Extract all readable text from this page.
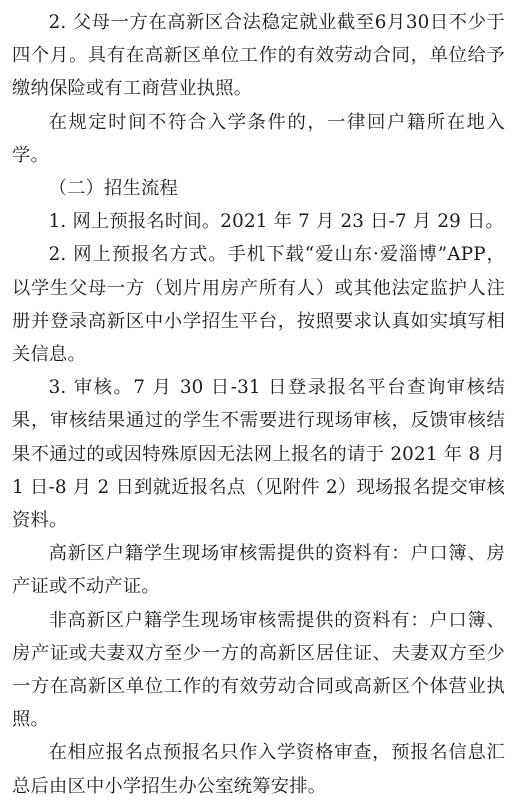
2. 父母一方在高新区合法稳定就业截至6月30日不少于四个月。具有在高新区单位工作的有效劳动合同，单位给予缴纳保险或有工商营业执照。

在规定时间不符合入学条件的，一律回户籍所在地入学。

（二）招生流程

1. 网上预报名时间。2021 年 7 月 23 日-7 月 29 日。

2. 网上预报名方式。手机下载“爱山东·爱淄博”APP，以学生父母一方（划片用房产所有人）或其他法定监护人注册并登录高新区中小学招生平台，按照要求认真如实填写相关信息。

3. 审核。7 月 30 日-31 日登录报名平台查询审核结果，审核结果通过的学生不需要进行现场审核，反馈审核结果不通过的或因特殊原因无法网上报名的请于 2021 年 8 月 1 日-8 月 2 日到就近报名点（见附件 2）现场报名提交审核资料。

高新区户籍学生现场审核需提供的资料有：户口簿、房产证或不动产证。

非高新区户籍学生现场审核需提供的资料有：户口簿、房产证或夫妻双方至少一方的高新区居住证、夫妻双方至少一方在高新区单位工作的有效劳动合同或高新区个体营业执照。

在相应报名点预报名只作入学资格审查，预报名信息汇总后由区中小学招生办公室统筹安排。
